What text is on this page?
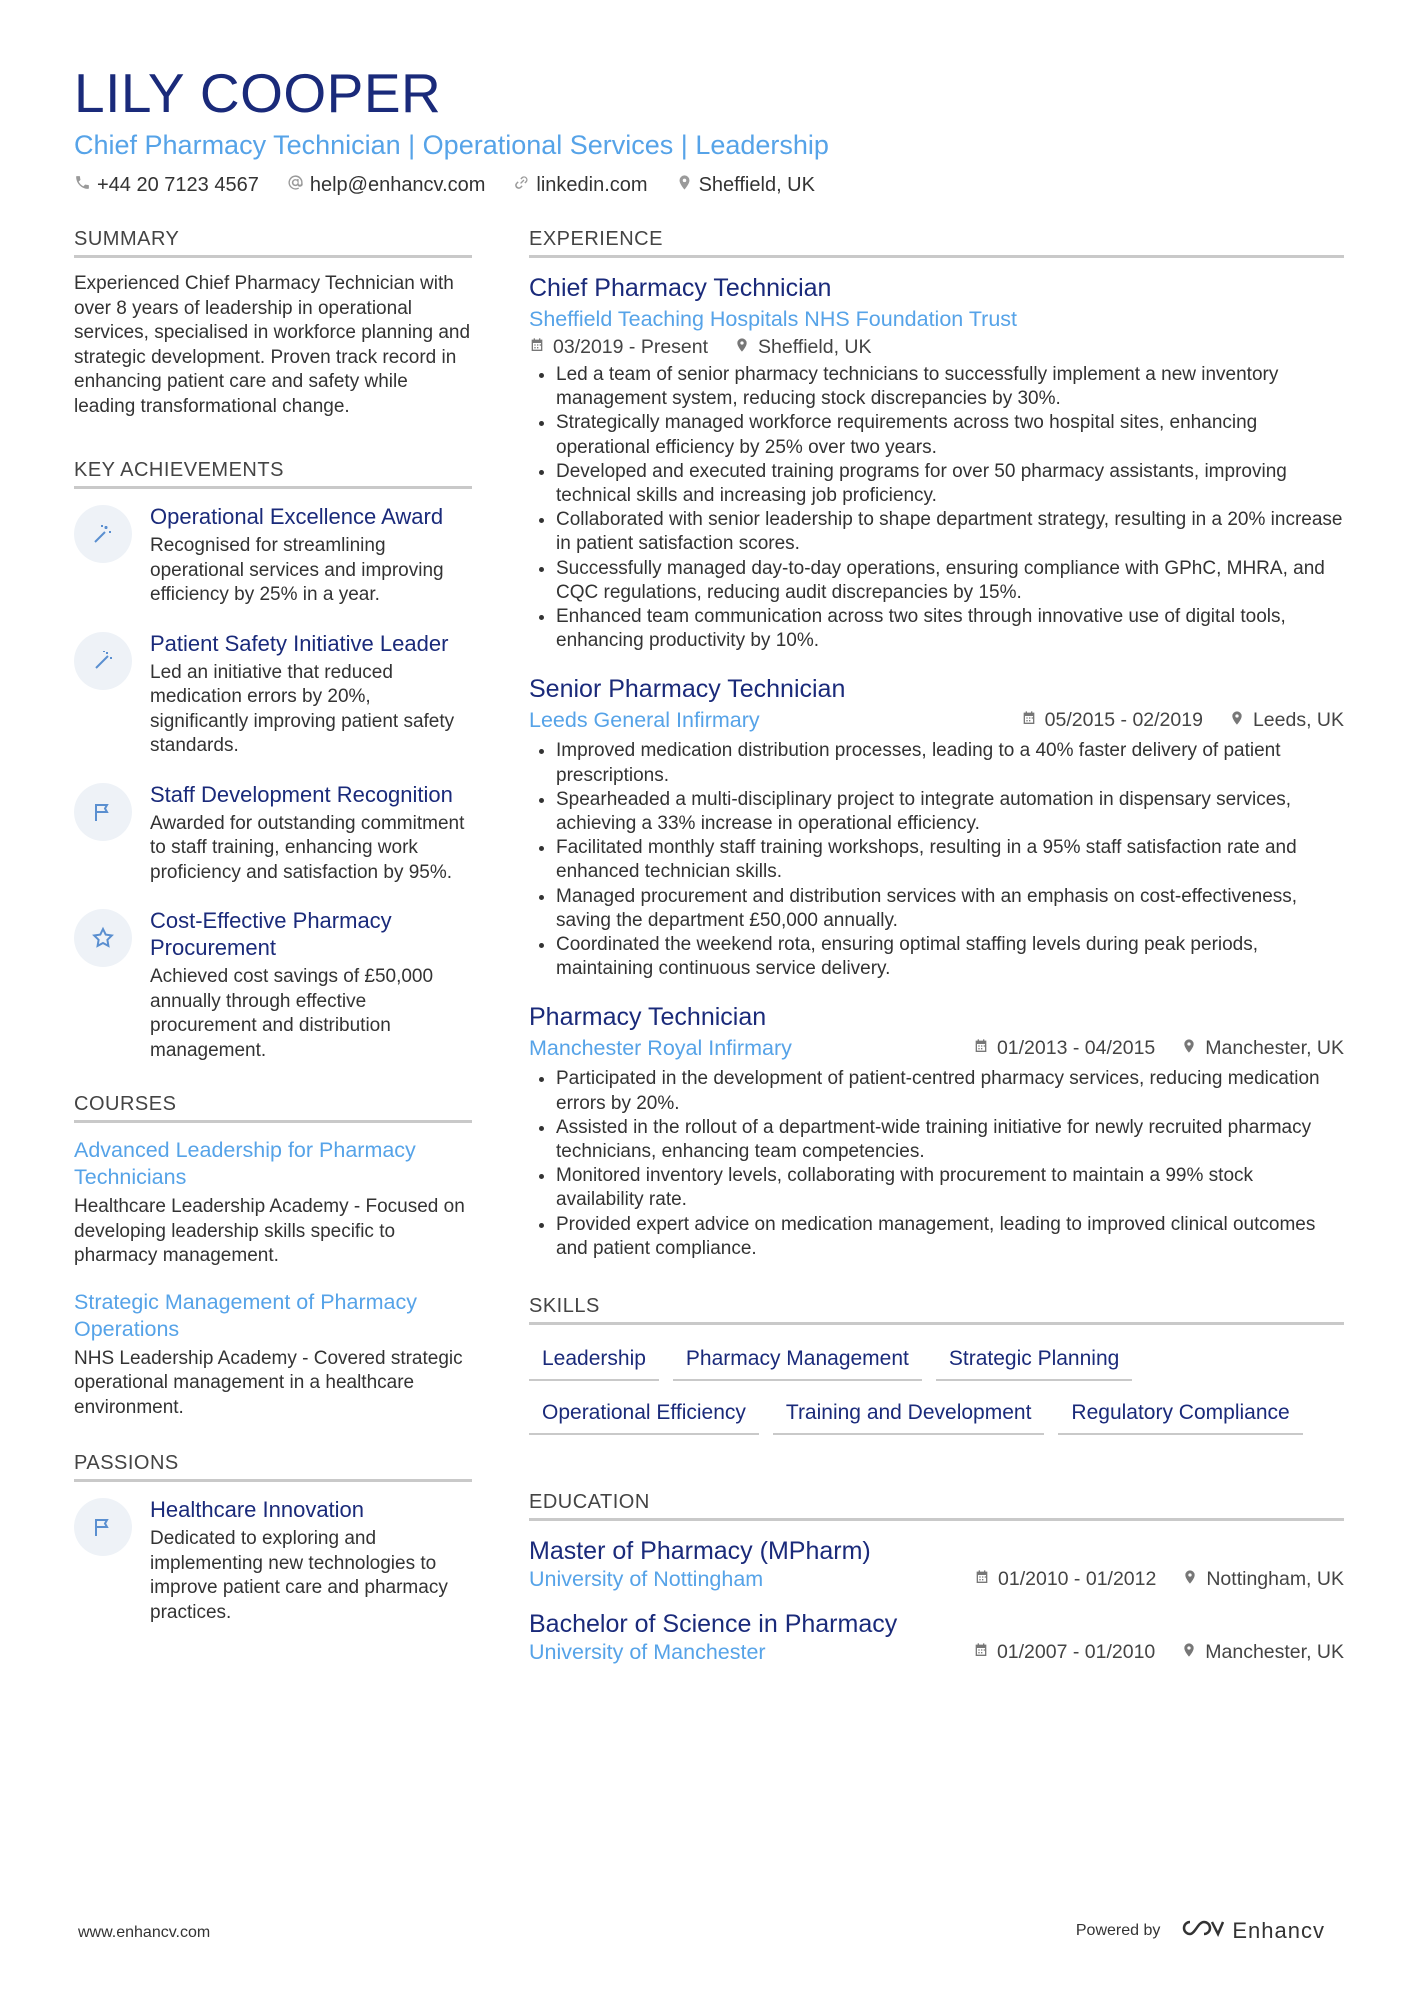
LILY COOPER
Chief Pharmacy Technician | Operational Services | Leadership
+44 20 7123 4567	help@enhancv.com	linkedin.com	Sheffield, UK
SUMMARY
Experienced Chief Pharmacy Technician with over 8 years of leadership in operational services, specialised in workforce planning and strategic development. Proven track record in enhancing patient care and safety while leading transformational change.
KEY ACHIEVEMENTS
Operational Excellence Award
Recognised for streamlining operational services and improving efficiency by 25% in a year.
Patient Safety Initiative Leader
Led an initiative that reduced medication errors by 20%, significantly improving patient safety standards.
Staff Development Recognition
Awarded for outstanding commitment to staff training, enhancing work proficiency and satisfaction by 95%.
Cost-Effective Pharmacy Procurement
Achieved cost savings of £50,000 annually through effective procurement and distribution management.
COURSES
Advanced Leadership for Pharmacy Technicians
Healthcare Leadership Academy - Focused on developing leadership skills specific to pharmacy management.
Strategic Management of Pharmacy Operations
NHS Leadership Academy - Covered strategic operational management in a healthcare environment.
PASSIONS
Healthcare Innovation
Dedicated to exploring and implementing new technologies to improve patient care and pharmacy practices.
EXPERIENCE
Chief Pharmacy Technician
Sheffield Teaching Hospitals NHS Foundation Trust
03/2019 - Present	Sheffield, UK
• Led a team of senior pharmacy technicians to successfully implement a new inventory management system, reducing stock discrepancies by 30%.
• Strategically managed workforce requirements across two hospital sites, enhancing operational efficiency by 25% over two years.
• Developed and executed training programs for over 50 pharmacy assistants, improving technical skills and increasing job proficiency.
• Collaborated with senior leadership to shape department strategy, resulting in a 20% increase in patient satisfaction scores.
• Successfully managed day-to-day operations, ensuring compliance with GPhC, MHRA, and CQC regulations, reducing audit discrepancies by 15%.
• Enhanced team communication across two sites through innovative use of digital tools, enhancing productivity by 10%.
Senior Pharmacy Technician
Leeds General Infirmary	05/2015 - 02/2019	Leeds, UK
• Improved medication distribution processes, leading to a 40% faster delivery of patient prescriptions.
• Spearheaded a multi-disciplinary project to integrate automation in dispensary services, achieving a 33% increase in operational efficiency.
• Facilitated monthly staff training workshops, resulting in a 95% staff satisfaction rate and enhanced technician skills.
• Managed procurement and distribution services with an emphasis on cost-effectiveness, saving the department £50,000 annually.
• Coordinated the weekend rota, ensuring optimal staffing levels during peak periods, maintaining continuous service delivery.
Pharmacy Technician
Manchester Royal Infirmary	01/2013 - 04/2015	Manchester, UK
• Participated in the development of patient-centred pharmacy services, reducing medication errors by 20%.
• Assisted in the rollout of a department-wide training initiative for newly recruited pharmacy technicians, enhancing team competencies.
• Monitored inventory levels, collaborating with procurement to maintain a 99% stock availability rate.
• Provided expert advice on medication management, leading to improved clinical outcomes and patient compliance.
SKILLS
Leadership	Pharmacy Management	Strategic Planning
Operational Efficiency	Training and Development	Regulatory Compliance
EDUCATION
Master of Pharmacy (MPharm)
University of Nottingham	01/2010 - 01/2012	Nottingham, UK
Bachelor of Science in Pharmacy
University of Manchester	01/2007 - 01/2010	Manchester, UK
www.enhancv.com	Powered by	Enhancv
